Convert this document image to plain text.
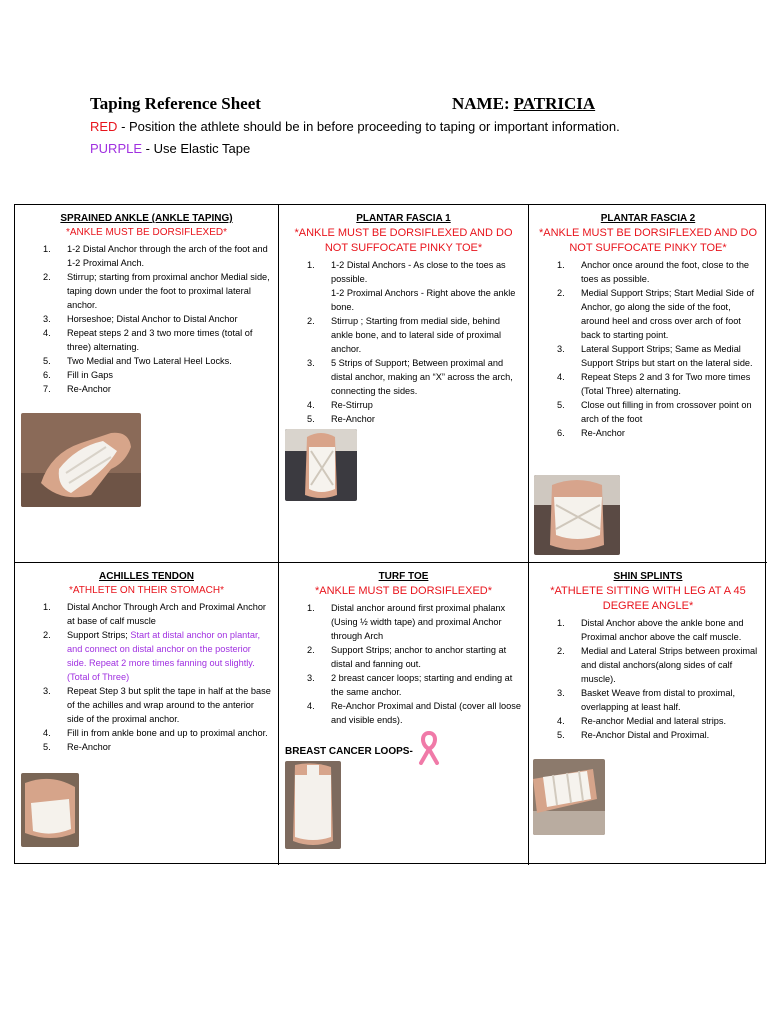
Taping Reference Sheet	NAME: PATRICIA
RED - Position the athlete should be in before proceeding to taping or important information.
PURPLE - Use Elastic Tape
SPRAINED ANKLE (ANKLE TAPING)
*ANKLE MUST BE DORSIFLEXED*
1. 1-2 Distal Anchor through the arch of the foot and 1-2 Proximal Anch.
2. Stirrup; starting from proximal anchor Medial side, taping down under the foot to proximal lateral anchor.
3. Horseshoe; Distal Anchor to Distal Anchor
4. Repeat steps 2 and 3 two more times (total of three) alternating.
5. Two Medial and Two Lateral Heel Locks.
6. Fill in Gaps
7. Re-Anchor
PLANTAR FASCIA 1
*ANKLE MUST BE DORSIFLEXED AND DO NOT SUFFOCATE PINKY TOE*
1. 1-2 Distal Anchors - As close to the toes as possible.
1-2 Proximal Anchors - Right above the ankle bone.
2. Stirrup ; Starting from medial side, behind ankle bone, and to lateral side of proximal anchor.
3. 5 Strips of Support; Between proximal and distal anchor, making an “X” across the arch, connecting the sides.
4. Re-Stirrup
5. Re-Anchor
PLANTAR FASCIA 2
*ANKLE MUST BE DORSIFLEXED AND DO NOT SUFFOCATE PINKY TOE*
1. Anchor once around the foot, close to the toes as possible.
2. Medial Support Strips; Start Medial Side of Anchor, go along the side of the foot, around heel and cross over arch of foot back to starting point.
3. Lateral Support Strips; Same as Medial Support Strips but start on the lateral side.
4. Repeat Steps 2 and 3 for Two more times (Total Three) alternating.
5. Close out filling in from crossover point on arch of the foot
6. Re-Anchor
ACHILLES TENDON
*ATHLETE ON THEIR STOMACH*
1. Distal Anchor Through Arch and Proximal Anchor at base of calf muscle
2. Support Strips; Start at distal anchor on plantar, and connect on distal anchor on the posterior side. Repeat 2 more times fanning out slightly. (Total of Three)
3. Repeat Step 3 but split the tape in half at the base of the achilles and wrap around to the anterior side of the proximal anchor.
4. Fill in from ankle bone and up to proximal anchor.
5. Re-Anchor
TURF TOE
*ANKLE MUST BE DORSIFLEXED*
1. Distal anchor around first proximal phalanx (Using ½ width tape) and proximal Anchor through Arch
2. Support Strips; anchor to anchor starting at distal and fanning out.
3. 2 breast cancer loops; starting and ending at the same anchor.
4. Re-Anchor Proximal and Distal (cover all loose and visible ends).
BREAST CANCER LOOPS-
SHIN SPLINTS
*ATHLETE SITTING WITH LEG AT A 45 DEGREE ANGLE*
1. Distal Anchor above the ankle bone and Proximal anchor above the calf muscle.
2. Medial and Lateral Strips between proximal and distal anchors(along sides of calf muscle).
3. Basket Weave from distal to proximal, overlapping at least half.
4. Re-anchor Medial and lateral strips.
5. Re-Anchor Distal and Proximal.
